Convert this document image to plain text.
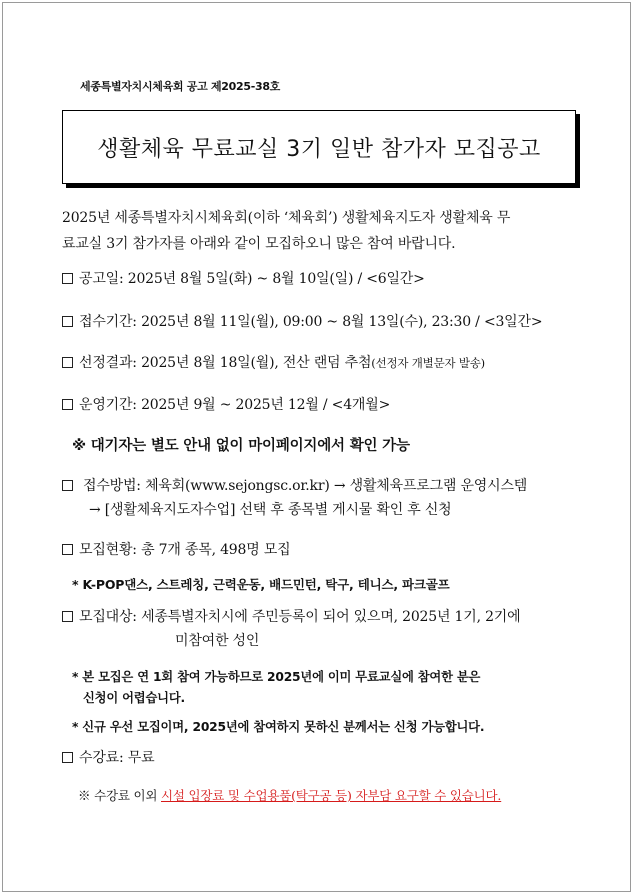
세종특별자치시체육회 공고 제2025-38호
생활체육 무료교실 3기 일반 참가자 모집공고
2025년 세종특별자치시체육회(이하 ‘체육회’) 생활체육지도자 생활체육 무
료교실 3기 참가자를 아래와 같이 모집하오니 많은 참여 바랍니다.
공고일: 2025년 8월 5일(화) ~ 8월 10일(일) / <6일간>
접수기간: 2025년 8월 11일(월), 09:00 ~ 8월 13일(수), 23:30 / <3일간>
선정결과: 2025년 8월 18일(월), 전산 랜덤 추첨(선정자 개별문자 발송)
운영기간: 2025년 9월 ~ 2025년 12월 / <4개월>
※ 대기자는 별도 안내 없이 마이페이지에서 확인 가능
접수방법: 체육회(www.sejongsc.or.kr) → 생활체육프로그램 운영시스템
→ [생활체육지도자수업] 선택 후 종목별 게시물 확인 후 신청
모집현황: 총 7개 종목, 498명 모집
* K-POP댄스, 스트레칭, 근력운동, 배드민턴, 탁구, 테니스, 파크골프
모집대상: 세종특별자치시에 주민등록이 되어 있으며, 2025년 1기, 2기에
미참여한 성인
* 본 모집은 연 1회 참여 가능하므로 2025년에 이미 무료교실에 참여한 분은
신청이 어렵습니다.
* 신규 우선 모집이며, 2025년에 참여하지 못하신 분께서는 신청 가능합니다.
수강료: 무료
※ 수강료 이외 시설 입장료 및 수업용품(탁구공 등) 자부담 요구할 수 있습니다.
